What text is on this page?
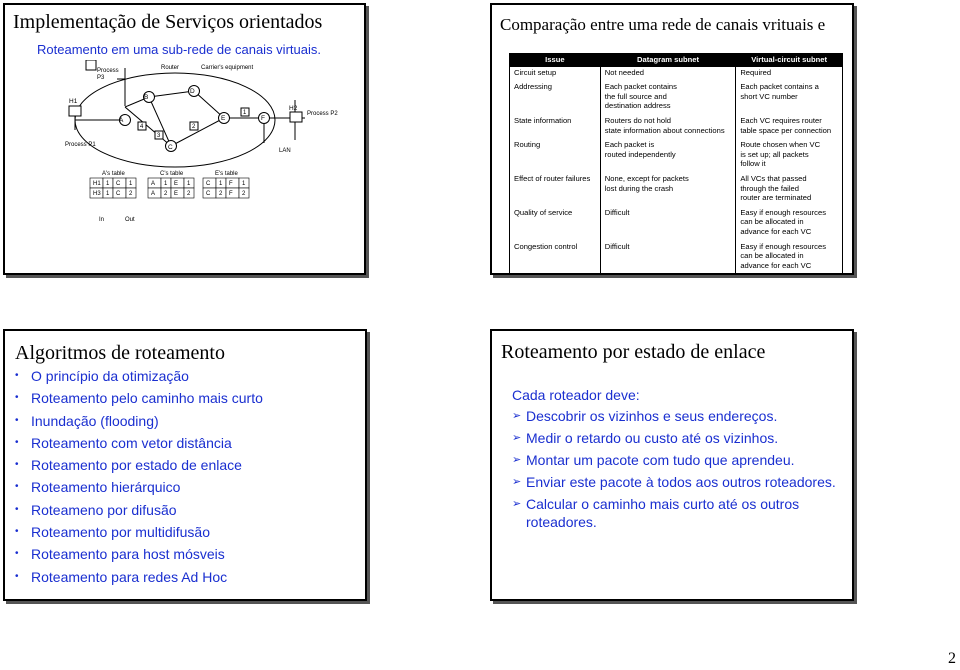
Implementação de Serviços orientados
Roteamento em uma sub-rede de canais virtuais.
H1
H2
A
B
D
C
E	F
4
3
2
1
Router	Carrier's equipment
Process P1
Process P2
Process P3
LAN
In	Out
A's table
H1 1 C 1
H3 1 C 2
C's table
A 1 E 1
A 2 E 2
E's table
C 1 F 1
C 2 F 2
Comparação entre uma rede de canais vrituais e
Issue	Datagram subnet	Virtual-circuit subnet
Circuit setup	Not needed	Required
Addressing	Each packet contains
the full source and
destination address	Each packet contains a
short VC number
State information	Routers do not hold
state information about connections	Each VC requires router
table space per connection
Routing	Each packet is
routed independently	Route chosen when VC
is set up; all packets
follow it
Effect of router failures	None, except for packets
lost during the crash	All VCs that passed
through the failed
router are terminated
Quality of service	Difficult	Easy if enough resources
can be allocated in
advance for each VC
Congestion control	Difficult	Easy if enough resources
can be allocated in
advance for each VC
Algoritmos de roteamento
• O princípio da otimização
• Roteamento pelo caminho mais curto
• Inundação (flooding)
• Roteamento com vetor distância
• Roteamento por estado de enlace
• Roteamento hierárquico
• Roteameno por difusão
• Roteamento por multidifusão
• Roteamento para host mósveis
• Roteamento para redes Ad Hoc
Roteamento por estado de enlace
Cada roteador deve:
➢ Descobrir os vizinhos e seus endereços.
➢ Medir o retardo ou custo até os vizinhos.
➢ Montar um pacote com tudo que aprendeu.
➢ Enviar este pacote à todos aos outros roteadores.
➢ Calcular o caminho mais curto até os outros roteadores.
2
